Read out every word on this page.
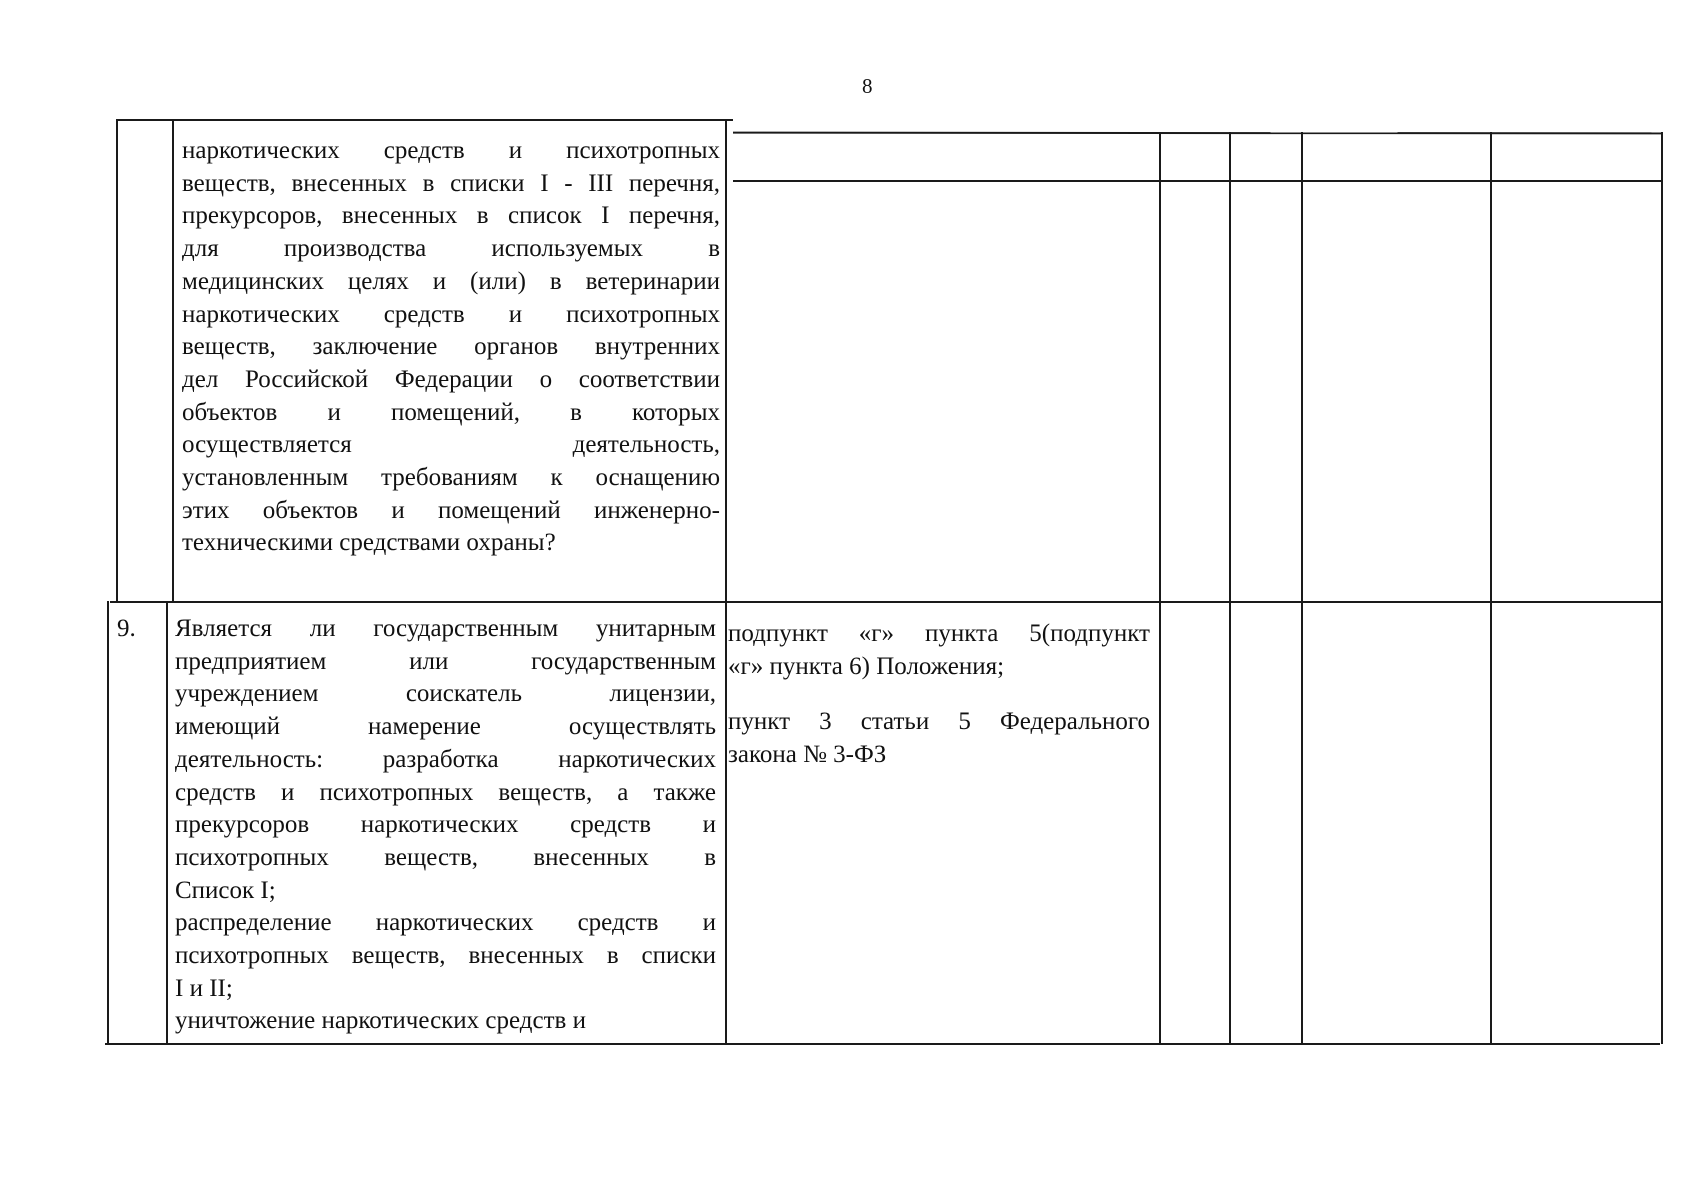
8
наркотических средств и психотропных
веществ, внесенных в списки I - III перечня,
прекурсоров, внесенных в список I перечня,
для производства используемых в
медицинских целях и (или) в ветеринарии
наркотических средств и психотропных
веществ, заключение органов внутренних
дел Российской Федерации о соответствии
объектов и помещений, в которых
осуществляется деятельность,
установленным требованиям к оснащению
этих объектов и помещений инженерно-
техническими средствами охраны?
9. Является ли государственным унитарным
предприятием или государственным
учреждением соискатель лицензии,
имеющий намерение осуществлять
деятельность: разработка наркотических
средств и психотропных веществ, а также
прекурсоров наркотических средств и
психотропных веществ, внесенных в
Список I;
распределение наркотических средств и
психотропных веществ, внесенных в списки
I и II;
уничтожение наркотических средств и
подпункт «г» пункта 5(подпункт
«г» пункта 6) Положения;
пункт 3 статьи 5 Федерального
закона № 3-ФЗ
